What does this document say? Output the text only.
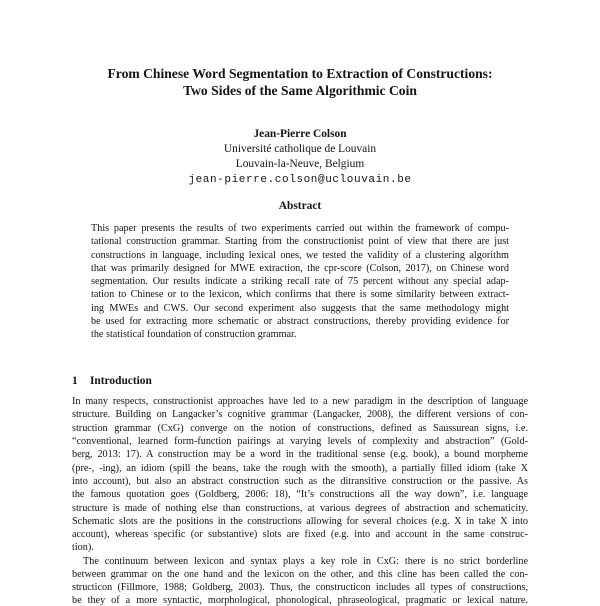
From Chinese Word Segmentation to Extraction of Constructions:
Two Sides of the Same Algorithmic Coin
Jean-Pierre Colson
Université catholique de Louvain
Louvain-la-Neuve, Belgium
jean-pierre.colson@uclouvain.be
Abstract
This paper presents the results of two experiments carried out within the framework of compu-
tational construction grammar. Starting from the constructionist point of view that there are just
constructions in language, including lexical ones, we tested the validity of a clustering algorithm
that was primarily designed for MWE extraction, the cpr-score (Colson, 2017), on Chinese word
segmentation. Our results indicate a striking recall rate of 75 percent without any special adap-
tation to Chinese or to the lexicon, which confirms that there is some similarity between extract-
ing MWEs and CWS. Our second experiment also suggests that the same methodology might
be used for extracting more schematic or abstract constructions, thereby providing evidence for
the statistical foundation of construction grammar.
1 Introduction
In many respects, constructionist approaches have led to a new paradigm in the description of language
structure. Building on Langacker’s cognitive grammar (Langacker, 2008), the different versions of con-
struction grammar (CxG) converge on the notion of constructions, defined as Saussurean signs, i.e.
“conventional, learned form-function pairings at varying levels of complexity and abstraction” (Gold-
berg, 2013: 17). A construction may be a word in the traditional sense (e.g. book), a bound morpheme
(pre-, -ing), an idiom (spill the beans, take the rough with the smooth), a partially filled idiom (take X
into account), but also an abstract construction such as the ditransitive construction or the passive. As
the famous quotation goes (Goldberg, 2006: 18), “It’s constructions all the way down”, i.e. language
structure is made of nothing else than constructions, at various degrees of abstraction and schematicity.
Schematic slots are the positions in the constructions allowing for several choices (e.g. X in take X into
account), whereas specific (or substantive) slots are fixed (e.g. into and account in the same construc-
tion).
The continuum between lexicon and syntax plays a key role in CxG: there is no strict borderline
between grammar on the one hand and the lexicon on the other, and this cline has been called the con-
structicon (Fillmore, 1988; Goldberg, 2003). Thus, the constructicon includes all types of constructions,
be they of a more syntactic, morphological, phonological, phraseological, pragmatic or lexical nature.
